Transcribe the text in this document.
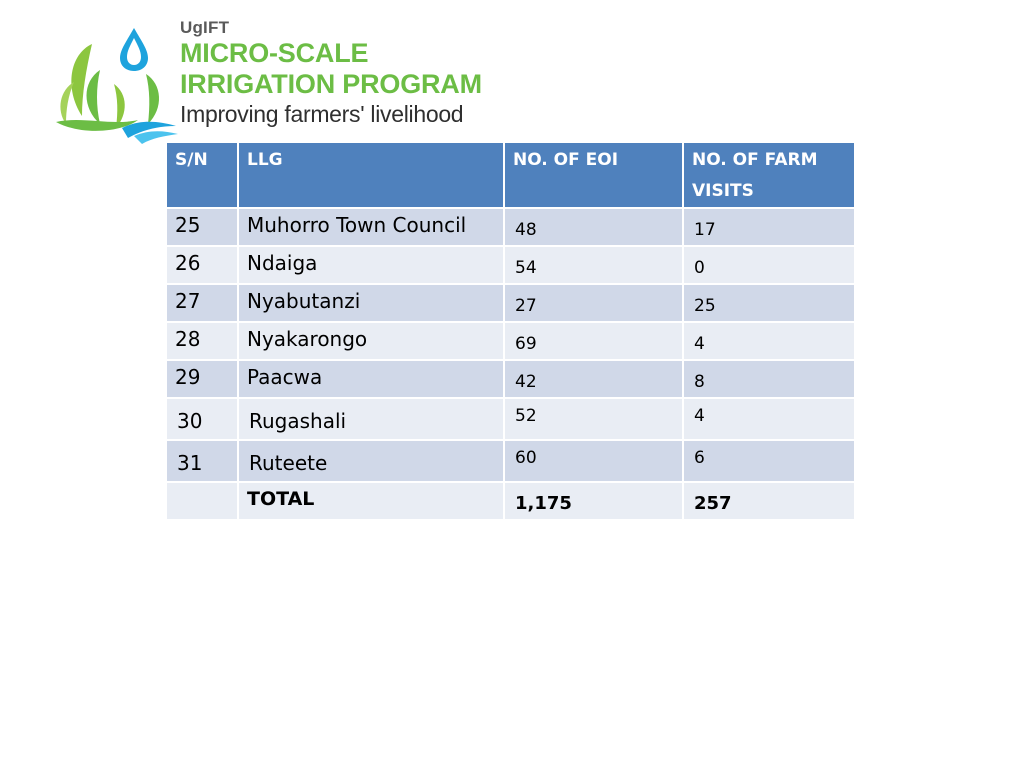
UgIFT
MICRO-SCALE
IRRIGATION PROGRAM
Improving farmers' livelihood
S/N	LLG	NO. OF EOI	NO. OF FARM VISITS

25	Muhorro Town Council	48	17

26	Ndaiga	54	0

27	Nyabutanzi	27	25

28	Nyakarongo	69	4

29	Paacwa	42	8

30	Rugashali	52	4

31	Ruteete	60	6

	TOTAL	1,175	257
